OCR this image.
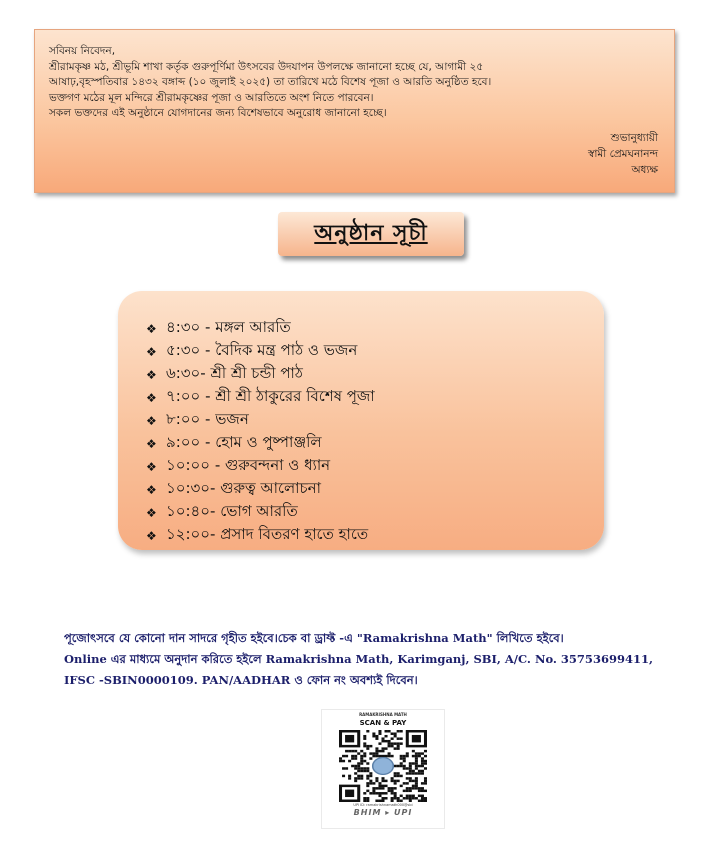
সবিনয় নিবেদন,

শ্রীরামকৃষ্ণ মঠ, শ্রীভূমি শাখা কর্তৃক গুরুপূর্ণিমা উৎসবের উদযাপন উপলক্ষে জানানো হচ্ছে যে, আগামী ২৫

আষাঢ়,বৃহস্পতিবার ১৪৩২ বঙ্গাব্দ (১০ জুলাই ২০২৫) তা তারিখে মঠে বিশেষ পূজা ও আরতি অনুষ্ঠিত হবে।

ভক্তগণ মঠের মূল মন্দিরে শ্রীরামকৃষ্ণের পূজা ও আরতিতে অংশ নিতে পারবেন।

সকল ভক্তদের এই অনুষ্ঠানে যোগদানের জন্য বিশেষভাবে অনুরোধ জানানো হচ্ছে।

শুভানুধ্যায়ী
স্বামী প্রেমঘনানন্দ
অধ্যক্ষ
অনুষ্ঠান সূচী
❖ ৪:৩০ - মঙ্গল আরতি
❖ ৫:৩০ - বৈদিক মন্ত্র পাঠ ও ভজন
❖ ৬:৩০- শ্রী শ্রী চন্ডী পাঠ
❖ ৭:০০ - শ্রী শ্রী ঠাকুরের বিশেষ পূজা
❖ ৮:০০ - ভজন
❖ ৯:০০ - হোম ও পুষ্পাঞ্জলি
❖ ১০:০০ - গুরুবন্দনা ও ধ্যান
❖ ১০:৩০- গুরুত্ব আলোচনা
❖ ১০:৪০- ভোগ আরতি
❖ ১২:০০- প্রসাদ বিতরণ হাতে হাতে

পূজোৎসবে যে কোনো দান সাদরে গৃহীত হইবে।চেক বা ড্রাফ্ট -এ "Ramakrishna Math" লিখিতে হইবে।

Online এর মাধ্যমে অনুদান করিতে হইলে Ramakrishna Math, Karimganj, SBI, A/C. No. 35753699411,

IFSC -SBIN0000109. PAN/AADHAR ও ফোন নং অবশ্যই দিবেন।

RAMAKRISHNA MATH
SCAN & PAY
UPI ID: ramakrishnamath000@sbi
BHIM ▸ UPI
